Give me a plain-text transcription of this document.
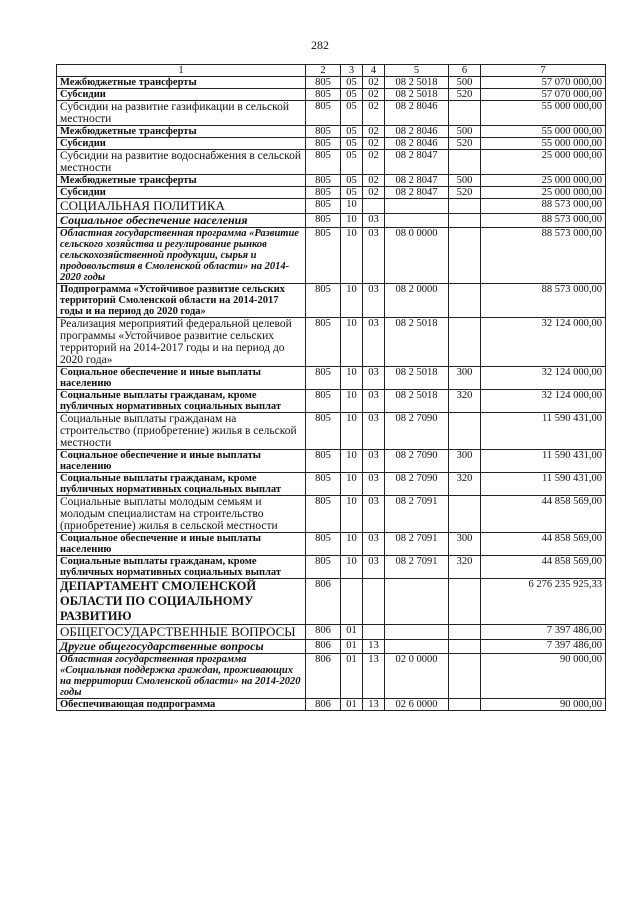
282
1	2	3	4	5	6	7
Межбюджетные трансферты	805	05	02	08 2 5018	500	57 070 000,00
Субсидии	805	05	02	08 2 5018	520	57 070 000,00
Субсидии на развитие газификации в сельской местности	805	05	02	08 2 8046		55 000 000,00
Межбюджетные трансферты	805	05	02	08 2 8046	500	55 000 000,00
Субсидии	805	05	02	08 2 8046	520	55 000 000,00
Субсидии на развитие водоснабжения в сельской местности	805	05	02	08 2 8047		25 000 000,00
Межбюджетные трансферты	805	05	02	08 2 8047	500	25 000 000,00
Субсидии	805	05	02	08 2 8047	520	25 000 000,00
СОЦИАЛЬНАЯ ПОЛИТИКА	805	10				88 573 000,00
Социальное обеспечение населения	805	10	03			88 573 000,00
Областная государственная программа «Развитие сельского хозяйства и регулирование рынков сельскохозяйственной продукции, сырья и продовольствия в Смоленской области» на 2014-2020 годы	805	10	03	08 0 0000		88 573 000,00
Подпрограмма «Устойчивое развитие сельских территорий Смоленской области на 2014-2017 годы и на период до 2020 года»	805	10	03	08 2 0000		88 573 000,00
Реализация мероприятий федеральной целевой программы «Устойчивое развитие сельских территорий на 2014-2017 годы и на период до 2020 года»	805	10	03	08 2 5018		32 124 000,00
Социальное обеспечение и иные выплаты населению	805	10	03	08 2 5018	300	32 124 000,00
Социальные выплаты гражданам, кроме публичных нормативных социальных выплат	805	10	03	08 2 5018	320	32 124 000,00
Социальные выплаты гражданам на строительство (приобретение) жилья в сельской местности	805	10	03	08 2 7090		11 590 431,00
Социальное обеспечение и иные выплаты населению	805	10	03	08 2 7090	300	11 590 431,00
Социальные выплаты гражданам, кроме публичных нормативных социальных выплат	805	10	03	08 2 7090	320	11 590 431,00
Социальные выплаты молодым семьям и молодым специалистам на строительство (приобретение) жилья в сельской местности	805	10	03	08 2 7091		44 858 569,00
Социальное обеспечение и иные выплаты населению	805	10	03	08 2 7091	300	44 858 569,00
Социальные выплаты гражданам, кроме публичных нормативных социальных выплат	805	10	03	08 2 7091	320	44 858 569,00
ДЕПАРТАМЕНТ СМОЛЕНСКОЙ ОБЛАСТИ ПО СОЦИАЛЬНОМУ РАЗВИТИЮ	806					6 276 235 925,33
ОБЩЕГОСУДАРСТВЕННЫЕ ВОПРОСЫ	806	01				7 397 486,00
Другие общегосударственные вопросы	806	01	13			7 397 486,00
Областная государственная программа «Социальная поддержка граждан, проживающих на территории Смоленской области» на 2014-2020 годы	806	01	13	02 0 0000		90 000,00
Обеспечивающая подпрограмма	806	01	13	02 6 0000		90 000,00
